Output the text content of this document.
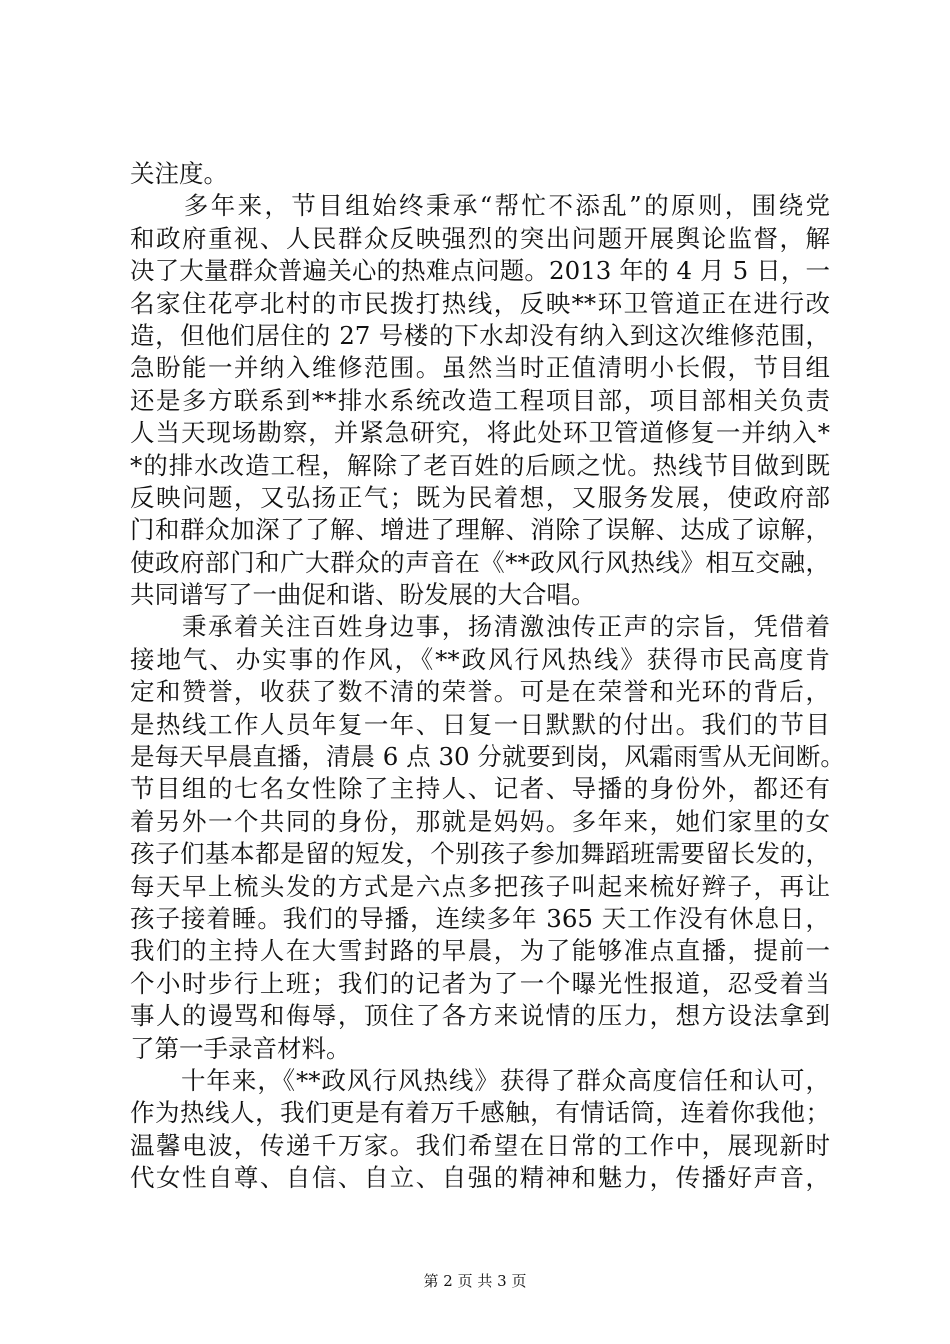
关注度。
　　多年来，节目组始终秉承“帮忙不添乱”的原则，围绕党
和政府重视、人民群众反映强烈的突出问题开展舆论监督，解
决了大量群众普遍关心的热难点问题。2013 年的 4 月 5 日，一
名家住花亭北村的市民拨打热线，反映**环卫管道正在进行改
造，但他们居住的 27 号楼的下水却没有纳入到这次维修范围，
急盼能一并纳入维修范围。虽然当时正值清明小长假，节目组
还是多方联系到**排水系统改造工程项目部，项目部相关负责
人当天现场勘察，并紧急研究，将此处环卫管道修复一并纳入*
*的排水改造工程，解除了老百姓的后顾之忧。热线节目做到既
反映问题，又弘扬正气；既为民着想，又服务发展，使政府部
门和群众加深了了解、增进了理解、消除了误解、达成了谅解，
使政府部门和广大群众的声音在《**政风行风热线》相互交融，
共同谱写了一曲促和谐、盼发展的大合唱。
　　秉承着关注百姓身边事，扬清激浊传正声的宗旨，凭借着
接地气、办实事的作风，《**政风行风热线》获得市民高度肯
定和赞誉，收获了数不清的荣誉。可是在荣誉和光环的背后，
是热线工作人员年复一年、日复一日默默的付出。我们的节目
是每天早晨直播，清晨 6 点 30 分就要到岗，风霜雨雪从无间断。
节目组的七名女性除了主持人、记者、导播的身份外，都还有
着另外一个共同的身份，那就是妈妈。多年来，她们家里的女
孩子们基本都是留的短发，个别孩子参加舞蹈班需要留长发的，
每天早上梳头发的方式是六点多把孩子叫起来梳好辫子，再让
孩子接着睡。我们的导播，连续多年 365 天工作没有休息日，
我们的主持人在大雪封路的早晨，为了能够准点直播，提前一
个小时步行上班；我们的记者为了一个曝光性报道，忍受着当
事人的谩骂和侮辱，顶住了各方来说情的压力，想方设法拿到
了第一手录音材料。
　　十年来，《**政风行风热线》获得了群众高度信任和认可，
作为热线人，我们更是有着万千感触，有情话筒，连着你我他；
温馨电波，传递千万家。我们希望在日常的工作中，展现新时
代女性自尊、自信、自立、自强的精神和魅力，传播好声音，
第 2 页 共 3 页
